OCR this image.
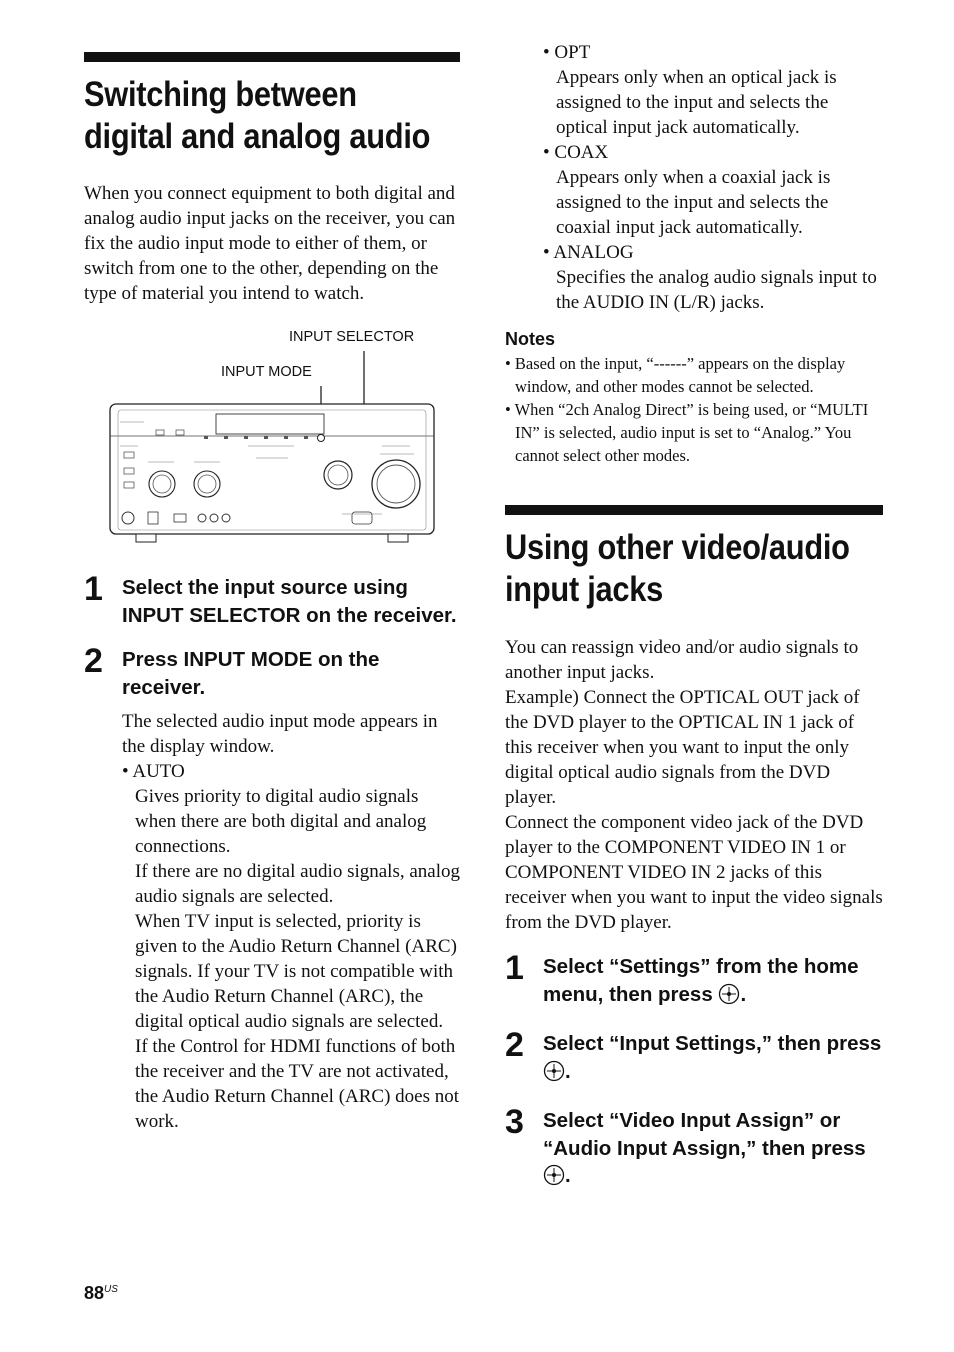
Switching between
digital and analog audio

When you connect equipment to both digital and analog audio input jacks on the receiver, you can fix the audio input mode to either of them, or switch from one to the other, depending on the type of material you intend to watch.

INPUT SELECTOR
INPUT MODE
1 Select the input source using INPUT SELECTOR on the receiver.
2 Press INPUT MODE on the receiver.

The selected audio input mode appears in the display window.

• AUTO
Gives priority to digital audio signals when there are both digital and analog connections.
If there are no digital audio signals, analog audio signals are selected.
When TV input is selected, priority is given to the Audio Return Channel (ARC) signals. If your TV is not compatible with the Audio Return Channel (ARC), the digital optical audio signals are selected.
If the Control for HDMI functions of both the receiver and the TV are not activated, the Audio Return Channel (ARC) does not work.
• OPT
Appears only when an optical jack is assigned to the input and selects the optical input jack automatically.
• COAX
Appears only when a coaxial jack is assigned to the input and selects the coaxial input jack automatically.
• ANALOG
Specifies the analog audio signals input to the AUDIO IN (L/R) jacks.
Notes
• Based on the input, “------” appears on the display window, and other modes cannot be selected.
• When “2ch Analog Direct” is being used, or “MULTI IN” is selected, audio input is set to “Analog.” You cannot select other modes.
Using other video/audio
input jacks

You can reassign video and/or audio signals to another input jacks.

Example) Connect the OPTICAL OUT jack of the DVD player to the OPTICAL IN 1 jack of this receiver when you want to input the only digital optical audio signals from the DVD player.

Connect the component video jack of the DVD player to the COMPONENT VIDEO IN 1 or COMPONENT VIDEO IN 2 jacks of this receiver when you want to input the video signals from the DVD player.

1 Select “Settings” from the home menu, then press .
2 Select “Input Settings,” then press .
3 Select “Video Input Assign” or “Audio Input Assign,” then press .
$88^{US}$
